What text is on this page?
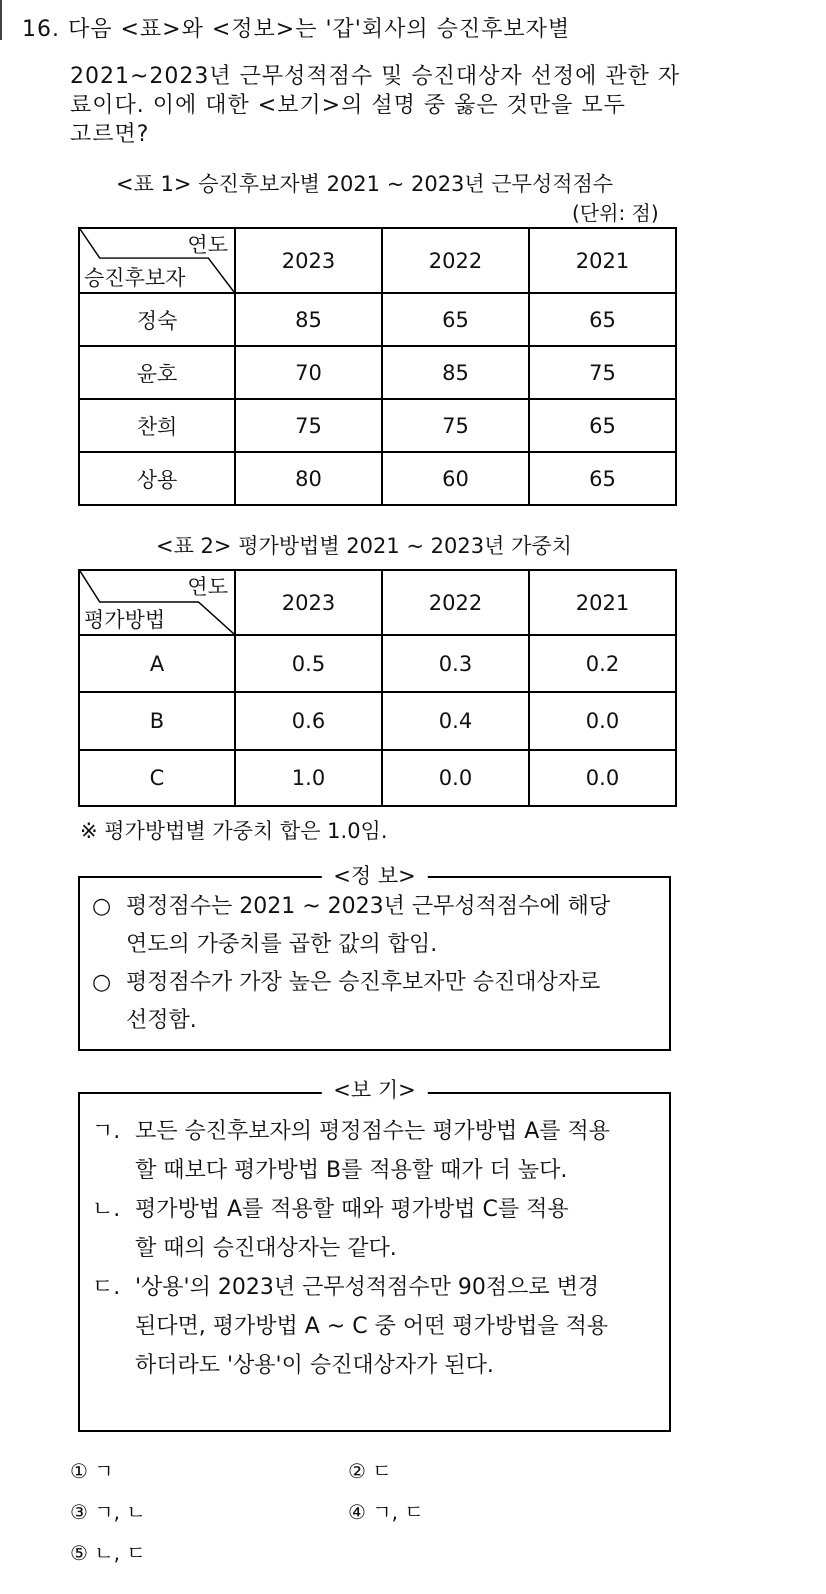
16. 다음 <표>와 <정보>는 '갑'회사의 승진후보자별
2021~2023년 근무성적점수 및 승진대상자 선정에 관한 자
료이다. 이에 대한 <보기>의 설명 중 옳은 것만을 모두
고르면?
<표 1> 승진후보자별 2021 ~ 2023년 근무성적점수
(단위: 점)
연도
승진후보자	2023	2022	2021
정숙	85	65	65
윤호	70	85	75
찬희	75	75	65
상용	80	60	65
<표 2> 평가방법별 2021 ~ 2023년 가중치
연도
평가방법	2023	2022	2021
A	0.5	0.3	0.2
B	0.6	0.4	0.0
C	1.0	0.0	0.0
※ 평가방법별 가중치 합은 1.0임.
<정 보>
○ 평정점수는 2021 ~ 2023년 근무성적점수에 해당
연도의 가중치를 곱한 값의 합임.
○ 평정점수가 가장 높은 승진후보자만 승진대상자로
선정함.
<보 기>
ㄱ. 모든 승진후보자의 평정점수는 평가방법 A를 적용
할 때보다 평가방법 B를 적용할 때가 더 높다.
ㄴ. 평가방법 A를 적용할 때와 평가방법 C를 적용
할 때의 승진대상자는 같다.
ㄷ. '상용'의 2023년 근무성적점수만 90점으로 변경
된다면, 평가방법 A ~ C 중 어떤 평가방법을 적용
하더라도 '상용'이 승진대상자가 된다.
① ㄱ	② ㄷ
③ ㄱ, ㄴ	④ ㄱ, ㄷ
⑤ ㄴ, ㄷ
